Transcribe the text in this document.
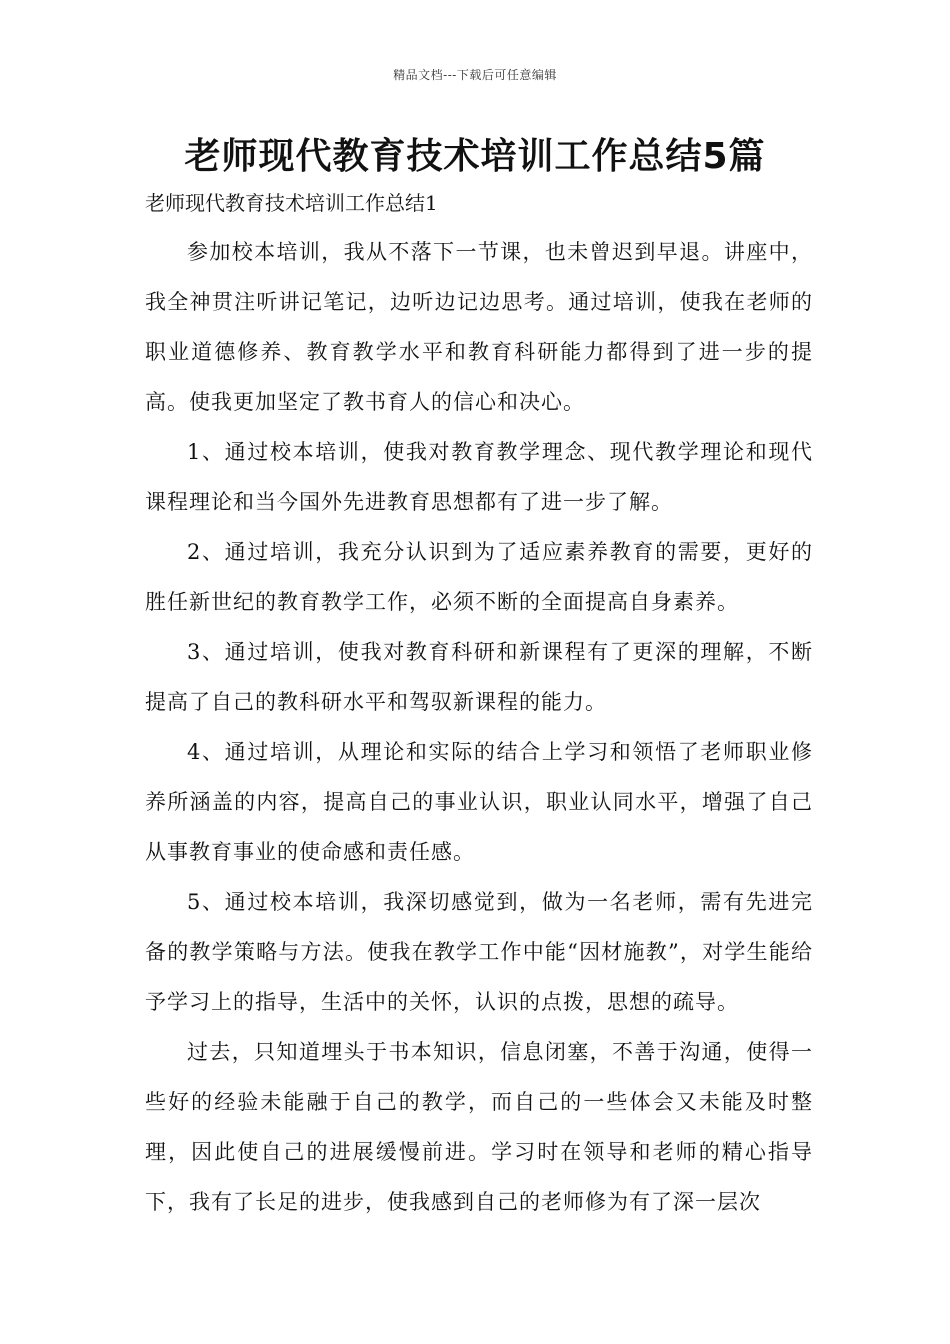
精品文档---下载后可任意编辑
老师现代教育技术培训工作总结5篇
老师现代教育技术培训工作总结1

参加校本培训，我从不落下一节课，也未曾迟到早退。讲座中，我全神贯注听讲记笔记，边听边记边思考。通过培训，使我在老师的职业道德修养、教育教学水平和教育科研能力都得到了进一步的提高。使我更加坚定了教书育人的信心和决心。

1、通过校本培训，使我对教育教学理念、现代教学理论和现代课程理论和当今国外先进教育思想都有了进一步了解。

2、通过培训，我充分认识到为了适应素养教育的需要，更好的胜任新世纪的教育教学工作，必须不断的全面提高自身素养。

3、通过培训，使我对教育科研和新课程有了更深的理解，不断提高了自己的教科研水平和驾驭新课程的能力。

4、通过培训，从理论和实际的结合上学习和领悟了老师职业修养所涵盖的内容，提高自己的事业认识，职业认同水平，增强了自己从事教育事业的使命感和责任感。

5、通过校本培训，我深切感觉到，做为一名老师，需有先进完备的教学策略与方法。使我在教学工作中能“因材施教”，对学生能给予学习上的指导，生活中的关怀，认识的点拨，思想的疏导。

过去，只知道埋头于书本知识，信息闭塞，不善于沟通，使得一些好的经验未能融于自己的教学，而自己的一些体会又未能及时整理，因此使自己的进展缓慢前进。学习时在领导和老师的精心指导下，我有了长足的进步，使我感到自己的老师修为有了深一层次
